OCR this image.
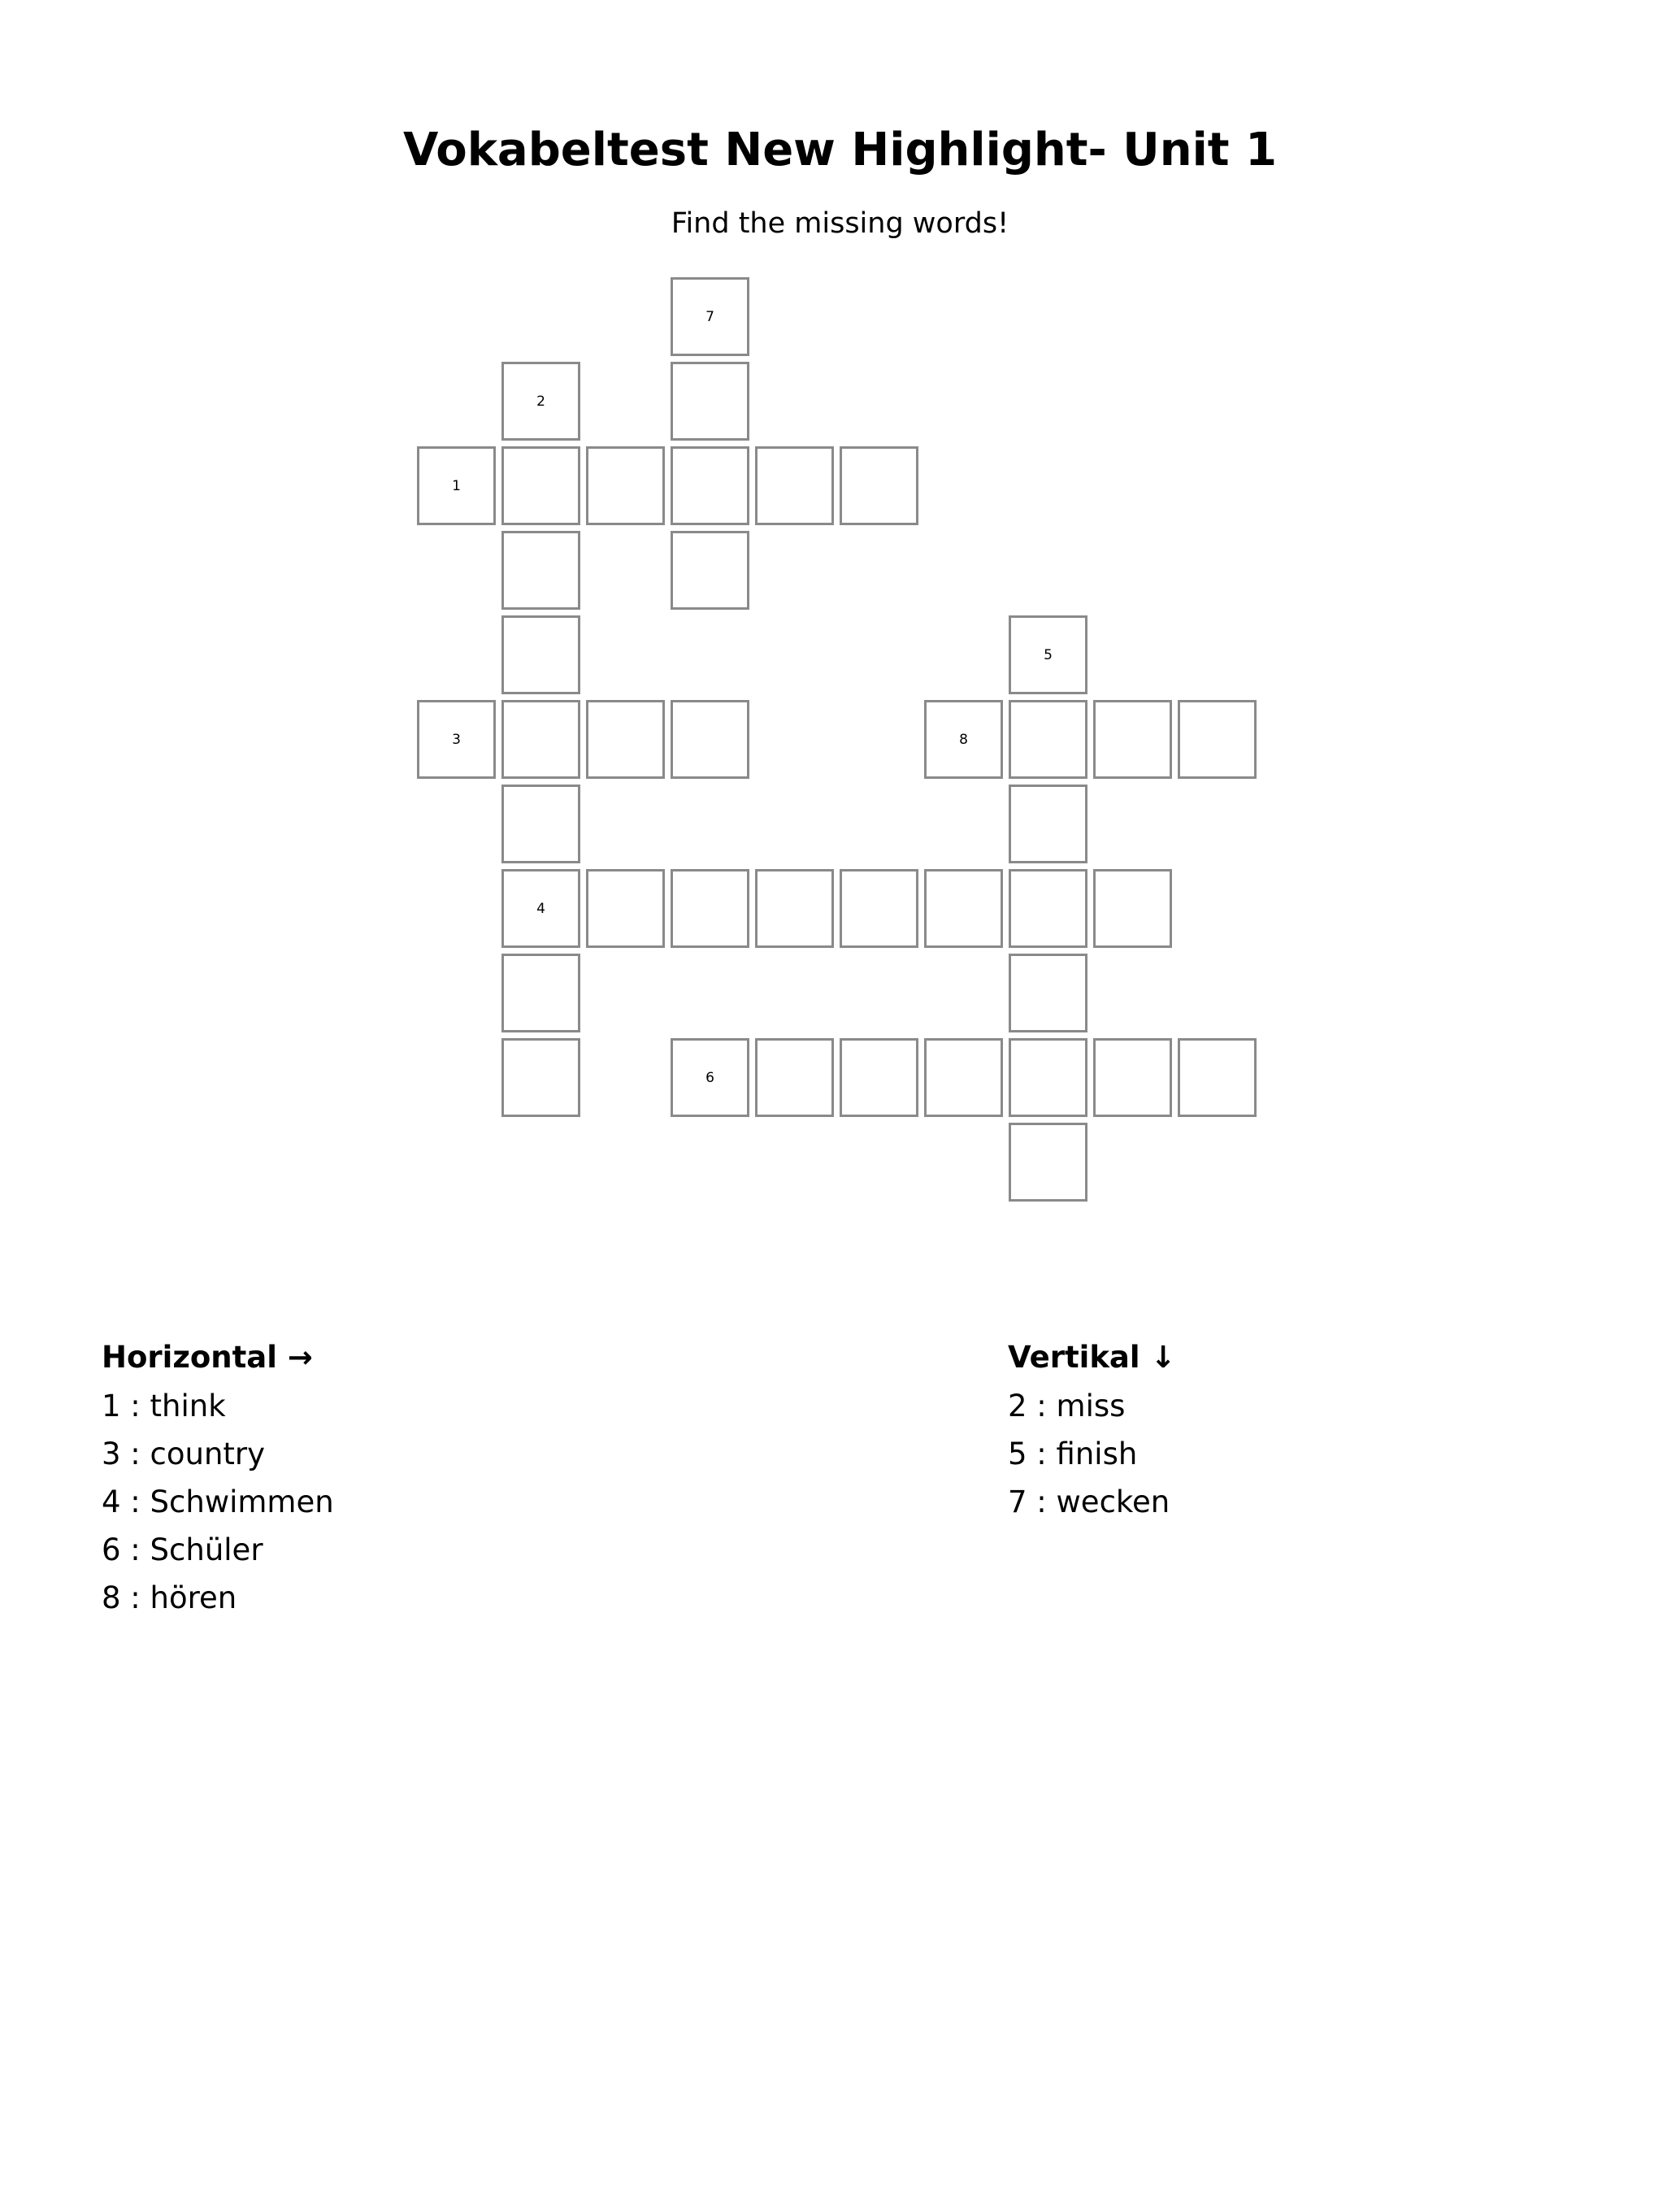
Vokabeltest New Highlight- Unit 1
Find the missing words!
1
3
4
6
8
2
5
7
Horizontal →
1 : think
3 : country
4 : Schwimmen
6 : Schüler
8 : hören
Vertikal ↓
2 : miss
5 : finish
7 : wecken
